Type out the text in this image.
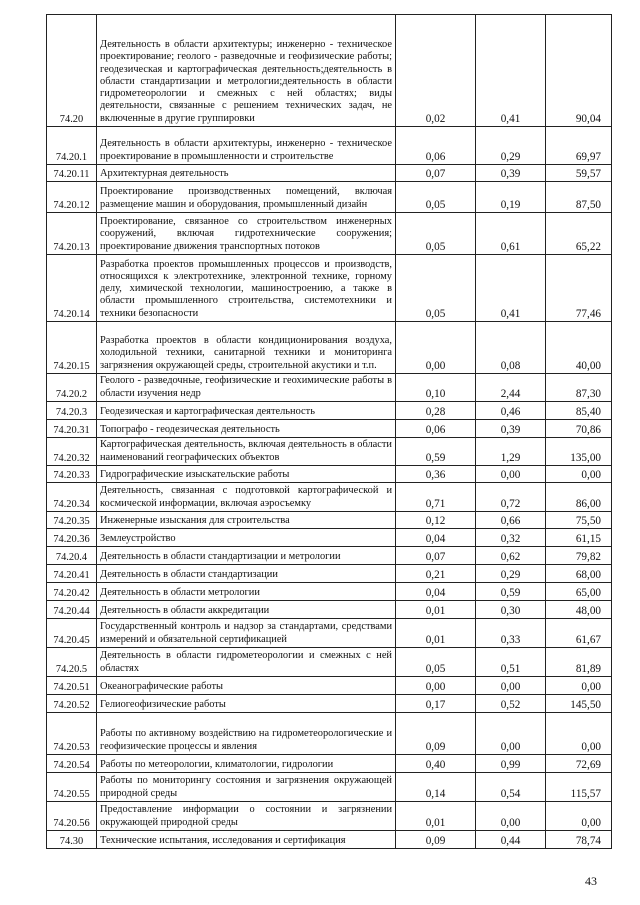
74.20	Деятельность в области архитектуры; инженерно - техническое проектирование; геолого - разведочные и геофизические работы; геодезическая и картографическая деятельность;деятельность в области стандартизации и метрологии;деятельность в области гидрометеорологии и смежных с ней областях; виды деятельности, связанные с решением технических задач, не включенные в другие группировки	0,02	0,41	90,04
74.20.1	Деятельность в области архитектуры, инженерно - техническое проектирование в промышленности и строительстве	0,06	0,29	69,97
74.20.11	Архитектурная деятельность	0,07	0,39	59,57
74.20.12	Проектирование производственных помещений, включая размещение машин и оборудования, промышленный дизайн	0,05	0,19	87,50
74.20.13	Проектирование, связанное со строительством инженерных сооружений, включая гидротехнические сооружения; проектирование движения транспортных потоков	0,05	0,61	65,22
74.20.14	Разработка проектов промышленных процессов и производств, относящихся к электротехнике, электронной технике, горному делу, химической технологии, машиностроению, а также в области промышленного строительства, системотехники и техники безопасности	0,05	0,41	77,46
74.20.15	Разработка проектов в области кондиционирования воздуха, холодильной техники, санитарной техники и мониторинга загрязнения окружающей среды, строительной акустики и т.п.	0,00	0,08	40,00
74.20.2	Геолого - разведочные, геофизические и геохимические работы в области изучения недр	0,10	2,44	87,30
74.20.3	Геодезическая и картографическая деятельность	0,28	0,46	85,40
74.20.31	Топографо - геодезическая деятельность	0,06	0,39	70,86
74.20.32	Картографическая деятельность, включая деятельность в области наименований географических объектов	0,59	1,29	135,00
74.20.33	Гидрографические изыскательские работы	0,36	0,00	0,00
74.20.34	Деятельность, связанная с подготовкой картографической и космической информации, включая аэросъемку	0,71	0,72	86,00
74.20.35	Инженерные изыскания для строительства	0,12	0,66	75,50
74.20.36	Землеустройство	0,04	0,32	61,15
74.20.4	Деятельность в области стандартизации и метрологии	0,07	0,62	79,82
74.20.41	Деятельность в области стандартизации	0,21	0,29	68,00
74.20.42	Деятельность в области метрологии	0,04	0,59	65,00
74.20.44	Деятельность в области аккредитации	0,01	0,30	48,00
74.20.45	Государственный контроль и надзор за стандартами, средствами измерений и обязательной сертификацией	0,01	0,33	61,67
74.20.5	Деятельность в области гидрометеорологии и смежных с ней областях	0,05	0,51	81,89
74.20.51	Океанографические работы	0,00	0,00	0,00
74.20.52	Гелиогеофизические работы	0,17	0,52	145,50
74.20.53	Работы по активному воздействию на гидрометеорологические и геофизические процессы и явления	0,09	0,00	0,00
74.20.54	Работы по метеорологии, климатологии, гидрологии	0,40	0,99	72,69
74.20.55	Работы по мониторингу состояния и загрязнения окружающей природной среды	0,14	0,54	115,57
74.20.56	Предоставление информации о состоянии и загрязнении окружающей природной среды	0,01	0,00	0,00
74.30	Технические испытания, исследования и сертификация	0,09	0,44	78,74
43
